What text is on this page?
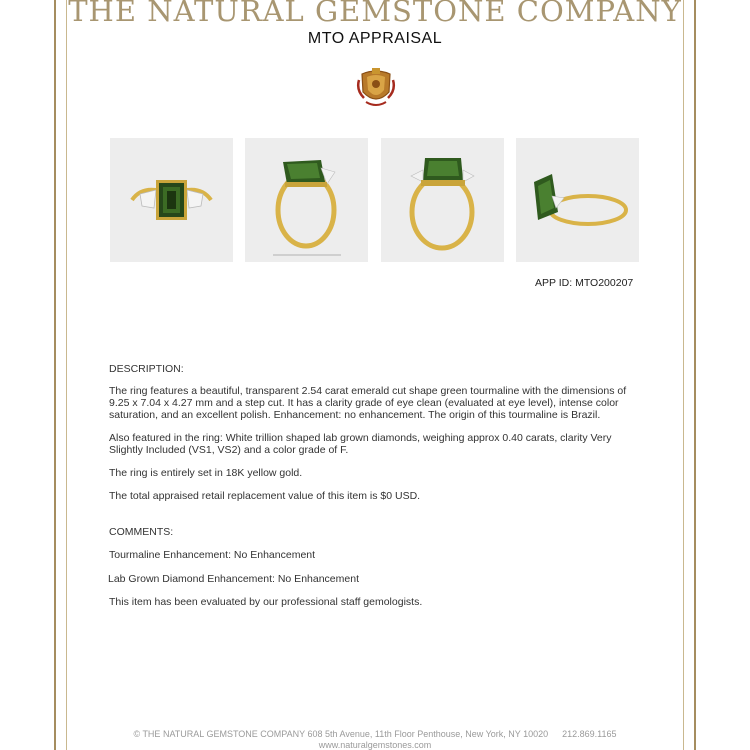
THE NATURAL GEMSTONE COMPANY
MTO APPRAISAL
APP ID: MTO200207
DESCRIPTION:
The ring features a beautiful, transparent 2.54 carat emerald cut shape green tourmaline with the dimensions of 9.25 x 7.04 x 4.27 mm and a step cut. It has a clarity grade of eye clean (evaluated at eye level), intense color saturation, and an excellent polish. Enhancement: no enhancement. The origin of this tourmaline is Brazil.
Also featured in the ring: White trillion shaped lab grown diamonds, weighing approx 0.40 carats, clarity Very Slightly Included (VS1, VS2) and a color grade of F.
The ring is entirely set in 18K yellow gold.
The total appraised retail replacement value of this item is $0 USD.
COMMENTS:
Tourmaline Enhancement: No Enhancement
Lab Grown Diamond Enhancement: No Enhancement
This item has been evaluated by our professional staff gemologists.
© THE NATURAL GEMSTONE COMPANY 608 5th Avenue, 11th Floor Penthouse, New York, NY 10020 212.869.1165
www.naturalgemstones.com
